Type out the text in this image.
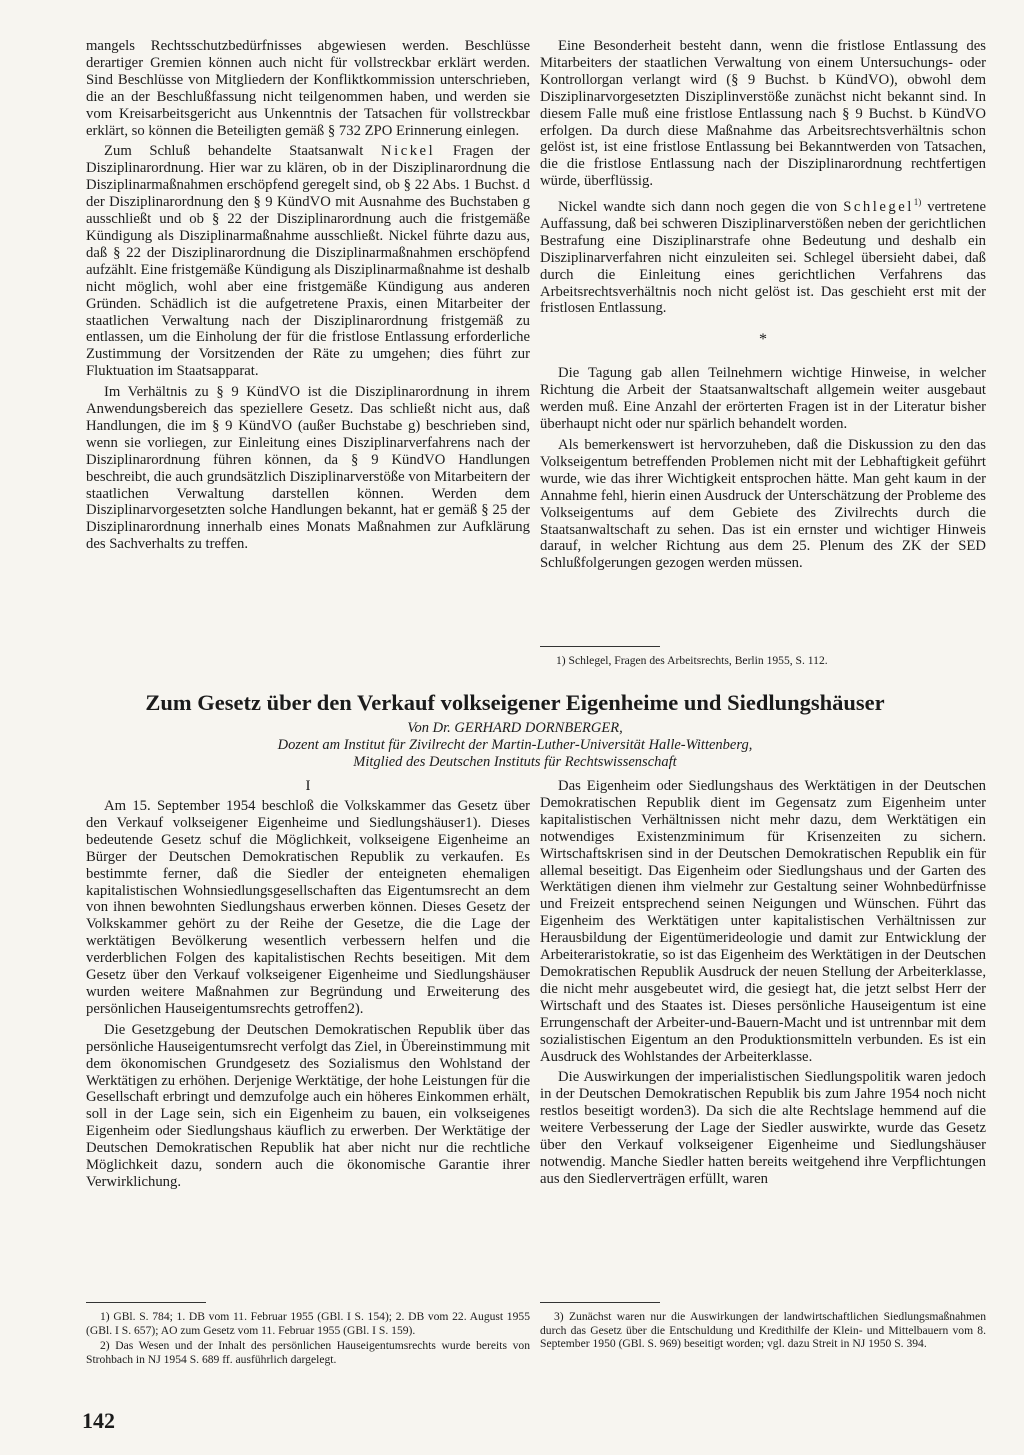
mangels Rechtsschutzbedürfnisses abgewiesen werden. Beschlüsse derartiger Gremien können auch nicht für vollstreckbar erklärt werden. Sind Beschlüsse von Mitgliedern der Konfliktkommission unterschrieben, die an der Beschlußfassung nicht teilgenommen haben, und werden sie vom Kreisarbeitsgericht aus Unkenntnis der Tatsachen für vollstreckbar erklärt, so können die Beteiligten gemäß § 732 ZPO Erinnerung einlegen.

Zum Schluß behandelte Staatsanwalt Nickel Fragen der Disziplinarordnung. Hier war zu klären, ob in der Disziplinarordnung die Disziplinarmaßnahmen erschöpfend geregelt sind, ob § 22 Abs. 1 Buchst. d der Disziplinarordnung den § 9 KündVO mit Ausnahme des Buchstaben g ausschließt und ob § 22 der Disziplinarordnung auch die fristgemäße Kündigung als Disziplinarmaßnahme ausschließt. Nickel führte dazu aus, daß § 22 der Disziplinarordnung die Disziplinarmaßnahmen erschöpfend aufzählt. Eine fristgemäße Kündigung als Disziplinarmaßnahme ist deshalb nicht möglich, wohl aber eine fristgemäße Kündigung aus anderen Gründen. Schädlich ist die aufgetretene Praxis, einen Mitarbeiter der staatlichen Verwaltung nach der Disziplinarordnung fristgemäß zu entlassen, um die Einholung der für die fristlose Entlassung erforderliche Zustimmung der Vorsitzenden der Räte zu umgehen; dies führt zur Fluktuation im Staatsapparat.

Im Verhältnis zu § 9 KündVO ist die Disziplinarordnung in ihrem Anwendungsbereich das speziellere Gesetz. Das schließt nicht aus, daß Handlungen, die im § 9 KündVO (außer Buchstabe g) beschrieben sind, wenn sie vorliegen, zur Einleitung eines Disziplinarverfahrens nach der Disziplinarordnung führen können, da § 9 KündVO Handlungen beschreibt, die auch grundsätzlich Disziplinarverstöße von Mitarbeitern der staatlichen Verwaltung darstellen können. Werden dem Disziplinarvorgesetzten solche Handlungen bekannt, hat er gemäß § 25 der Disziplinarordnung innerhalb eines Monats Maßnahmen zur Aufklärung des Sachverhalts zu treffen.

Eine Besonderheit besteht dann, wenn die fristlose Entlassung des Mitarbeiters der staatlichen Verwaltung von einem Untersuchungs- oder Kontrollorgan verlangt wird (§ 9 Buchst. b KündVO), obwohl dem Disziplinarvorgesetzten Disziplinverstöße zunächst nicht bekannt sind. In diesem Falle muß eine fristlose Entlassung nach § 9 Buchst. b KündVO erfolgen. Da durch diese Maßnahme das Arbeitsrechtsverhältnis schon gelöst ist, ist eine fristlose Entlassung bei Bekanntwerden von Tatsachen, die die fristlose Entlassung nach der Disziplinarordnung rechtfertigen würde, überflüssig.

Nickel wandte sich dann noch gegen die von Schlegel$^{1)}$ vertretene Auffassung, daß bei schweren Disziplinarverstößen neben der gerichtlichen Bestrafung eine Disziplinarstrafe ohne Bedeutung und deshalb ein Disziplinarverfahren nicht einzuleiten sei. Schlegel übersieht dabei, daß durch die Einleitung eines gerichtlichen Verfahrens das Arbeitsrechtsverhältnis noch nicht gelöst ist. Das geschieht erst mit der fristlosen Entlassung.

*

Die Tagung gab allen Teilnehmern wichtige Hinweise, in welcher Richtung die Arbeit der Staatsanwaltschaft allgemein weiter ausgebaut werden muß. Eine Anzahl der erörterten Fragen ist in der Literatur bisher überhaupt nicht oder nur spärlich behandelt worden.

Als bemerkenswert ist hervorzuheben, daß die Diskussion zu den das Volkseigentum betreffenden Problemen nicht mit der Lebhaftigkeit geführt wurde, wie das ihrer Wichtigkeit entsprochen hätte. Man geht kaum in der Annahme fehl, hierin einen Ausdruck der Unterschätzung der Probleme des Volkseigentums auf dem Gebiete des Zivilrechts durch die Staatsanwaltschaft zu sehen. Das ist ein ernster und wichtiger Hinweis darauf, in welcher Richtung aus dem 25. Plenum des ZK der SED Schlußfolgerungen gezogen werden müssen.

1) Schlegel, Fragen des Arbeitsrechts, Berlin 1955, S. 112.
Zum Gesetz über den Verkauf volkseigener Eigenheime und Siedlungshäuser
Von Dr. GERHARD DORNBERGER,
Dozent am Institut für Zivilrecht der Martin-Luther-Universität Halle-Wittenberg,
Mitglied des Deutschen Instituts für Rechtswissenschaft
I

Am 15. September 1954 beschloß die Volkskammer das Gesetz über den Verkauf volkseigener Eigenheime und Siedlungshäuser1). Dieses bedeutende Gesetz schuf die Möglichkeit, volkseigene Eigenheime an Bürger der Deutschen Demokratischen Republik zu verkaufen. Es bestimmte ferner, daß die Siedler der enteigneten ehemaligen kapitalistischen Wohnsiedlungsgesellschaften das Eigentumsrecht an dem von ihnen bewohnten Siedlungshaus erwerben können. Dieses Gesetz der Volkskammer gehört zu der Reihe der Gesetze, die die Lage der werktätigen Bevölkerung wesentlich verbessern helfen und die verderblichen Folgen des kapitalistischen Rechts beseitigen. Mit dem Gesetz über den Verkauf volkseigener Eigenheime und Siedlungshäuser wurden weitere Maßnahmen zur Begründung und Erweiterung des persönlichen Hauseigentumsrechts getroffen2).

Die Gesetzgebung der Deutschen Demokratischen Republik über das persönliche Hauseigentumsrecht verfolgt das Ziel, in Übereinstimmung mit dem ökonomischen Grundgesetz des Sozialismus den Wohlstand der Werktätigen zu erhöhen. Derjenige Werktätige, der hohe Leistungen für die Gesellschaft erbringt und demzufolge auch ein höheres Einkommen erhält, soll in der Lage sein, sich ein Eigenheim zu bauen, ein volkseigenes Eigenheim oder Siedlungshaus käuflich zu erwerben. Der Werktätige der Deutschen Demokratischen Republik hat aber nicht nur die rechtliche Möglichkeit dazu, sondern auch die ökonomische Garantie ihrer Verwirklichung.

Das Eigenheim oder Siedlungshaus des Werktätigen in der Deutschen Demokratischen Republik dient im Gegensatz zum Eigenheim unter kapitalistischen Verhältnissen nicht mehr dazu, dem Werktätigen ein notwendiges Existenzminimum für Krisenzeiten zu sichern. Wirtschaftskrisen sind in der Deutschen Demokratischen Republik ein für allemal beseitigt. Das Eigenheim oder Siedlungshaus und der Garten des Werktätigen dienen ihm vielmehr zur Gestaltung seiner Wohnbedürfnisse und Freizeit entsprechend seinen Neigungen und Wünschen. Führt das Eigenheim des Werktätigen unter kapitalistischen Verhältnissen zur Herausbildung der Eigentümerideologie und damit zur Entwicklung der Arbeiteraristokratie, so ist das Eigenheim des Werktätigen in der Deutschen Demokratischen Republik Ausdruck der neuen Stellung der Arbeiterklasse, die nicht mehr ausgebeutet wird, die gesiegt hat, die jetzt selbst Herr der Wirtschaft und des Staates ist. Dieses persönliche Hauseigentum ist eine Errungenschaft der Arbeiter-und-Bauern-Macht und ist untrennbar mit dem sozialistischen Eigentum an den Produktionsmitteln verbunden. Es ist ein Ausdruck des Wohlstandes der Arbeiterklasse.

Die Auswirkungen der imperialistischen Siedlungspolitik waren jedoch in der Deutschen Demokratischen Republik bis zum Jahre 1954 noch nicht restlos beseitigt worden3). Da sich die alte Rechtslage hemmend auf die weitere Verbesserung der Lage der Siedler auswirkte, wurde das Gesetz über den Verkauf volkseigener Eigenheime und Siedlungshäuser notwendig. Manche Siedler hatten bereits weitgehend ihre Verpflichtungen aus den Siedlerverträgen erfüllt, waren

1) GBl. S. 784; 1. DB vom 11. Februar 1955 (GBl. I S. 154); 2. DB vom 22. August 1955 (GBl. I S. 657); AO zum Gesetz vom 11. Februar 1955 (GBl. I S. 159).
2) Das Wesen und der Inhalt des persönlichen Hauseigentumsrechts wurde bereits von Strohbach in NJ 1954 S. 689 ff. ausführlich dargelegt.
3) Zunächst waren nur die Auswirkungen der landwirtschaftlichen Siedlungsmaßnahmen durch das Gesetz über die Entschuldung und Kredithilfe der Klein- und Mittelbauern vom 8. September 1950 (GBl. S. 969) beseitigt worden; vgl. dazu Streit in NJ 1950 S. 394.
142
